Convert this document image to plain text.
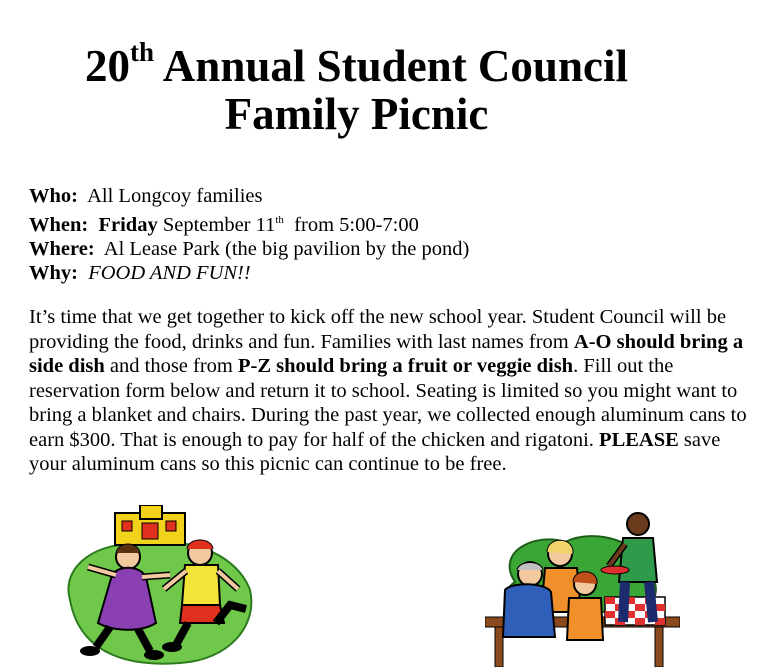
20th Annual Student Council
Family Picnic
Who: All Longcoy families
When: Friday September 11th  from 5:00-7:00
Where: Al Lease Park (the big pavilion by the pond)
Why: FOOD AND FUN!!
It’s time that we get together to kick off the new school year. Student Council will be providing the food, drinks and fun. Families with last names from A-O should bring a side dish and those from P-Z should bring a fruit or veggie dish. Fill out the reservation form below and return it to school. Seating is limited so you might want to bring a blanket and chairs. During the past year, we collected enough aluminum cans to earn $300. That is enough to pay for half of the chicken and rigatoni. PLEASE save your aluminum cans so this picnic can continue to be free.
